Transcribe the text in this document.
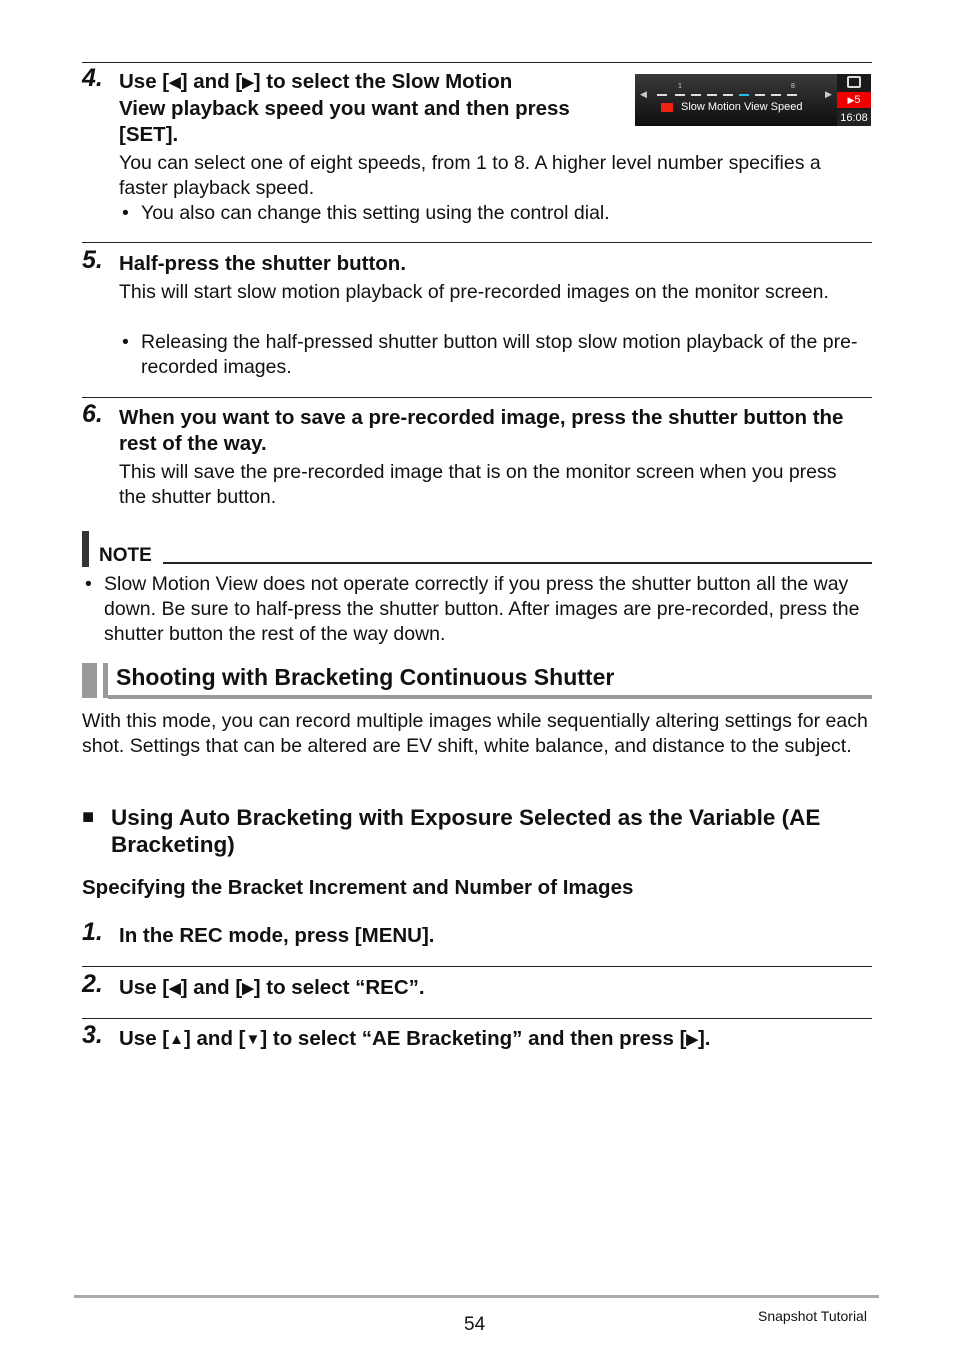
4. Use [◀] and [▶] to select the Slow Motion
View playback speed you want and then press
[SET].
◀	▶
1	8
Slow Motion View Speed
▶5
16:08
You can select one of eight speeds, from 1 to 8. A higher level number specifies a faster playback speed.
• You also can change this setting using the control dial.
5. Half-press the shutter button.
This will start slow motion playback of pre-recorded images on the monitor screen.
• Releasing the half-pressed shutter button will stop slow motion playback of the pre-recorded images.
6. When you want to save a pre-recorded image, press the shutter button the rest of the way.
This will save the pre-recorded image that is on the monitor screen when you press the shutter button.
NOTE
• Slow Motion View does not operate correctly if you press the shutter button all the way down. Be sure to half-press the shutter button. After images are pre-recorded, press the shutter button the rest of the way down.
Shooting with Bracketing Continuous Shutter
With this mode, you can record multiple images while sequentially altering settings for each shot. Settings that can be altered are EV shift, white balance, and distance to the subject.
■ Using Auto Bracketing with Exposure Selected as the Variable (AE Bracketing)
Specifying the Bracket Increment and Number of Images
1. In the REC mode, press [MENU].
2. Use [◀] and [▶] to select “REC”.
3. Use [▲] and [▼] to select “AE Bracketing” and then press [▶].
54	Snapshot Tutorial
